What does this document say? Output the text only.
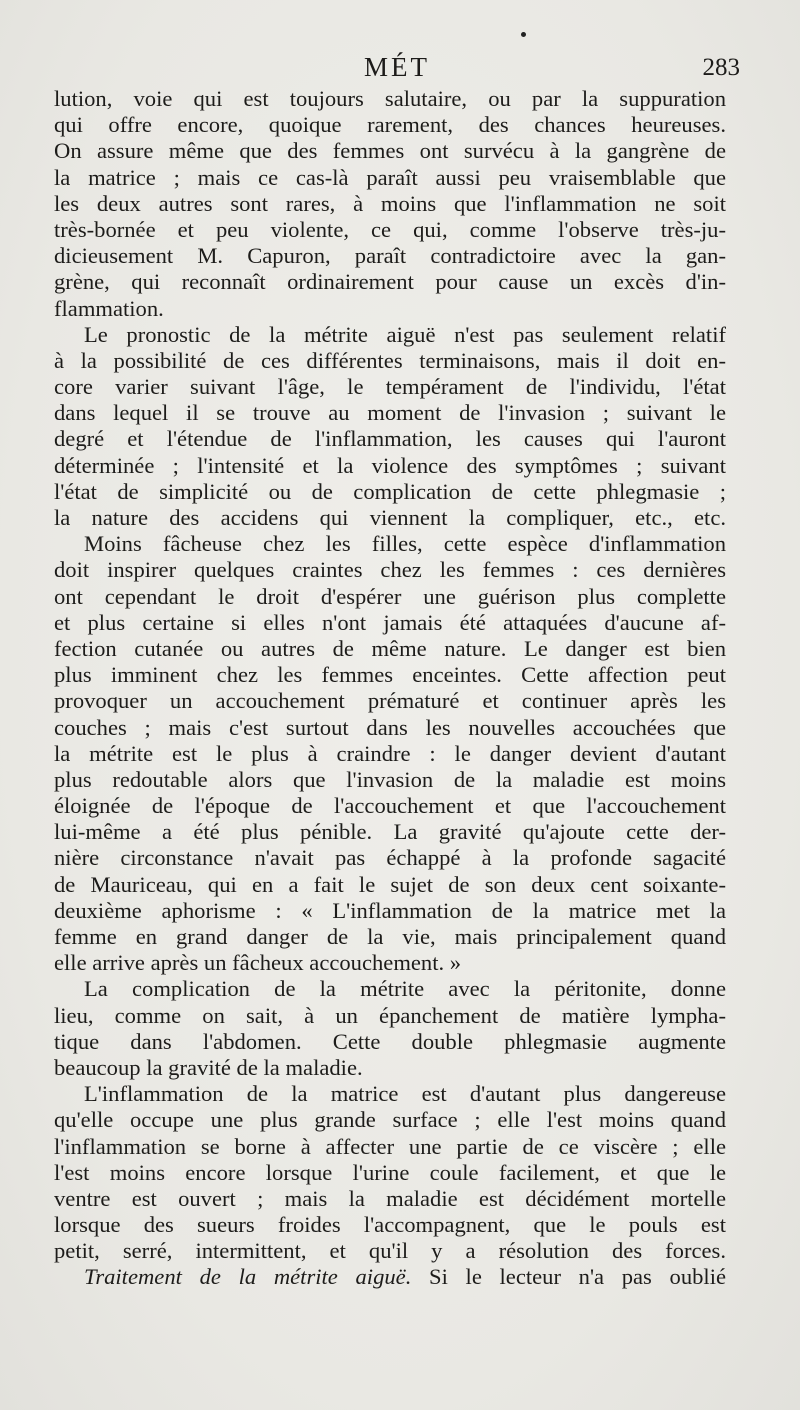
MÉT	283
lution, voie qui est toujours salutaire, ou par la suppuration
qui offre encore, quoique rarement, des chances heureuses.
On assure même que des femmes ont survécu à la gangrène de
la matrice ; mais ce cas-là paraît aussi peu vraisemblable que
les deux autres sont rares, à moins que l'inflammation ne soit
très-bornée et peu violente, ce qui, comme l'observe très-ju-
dicieusement M. Capuron, paraît contradictoire avec la gan-
grène, qui reconnaît ordinairement pour cause un excès d'in-
flammation.
Le pronostic de la métrite aiguë n'est pas seulement relatif
à la possibilité de ces différentes terminaisons, mais il doit en-
core varier suivant l'âge, le tempérament de l'individu, l'état
dans lequel il se trouve au moment de l'invasion ; suivant le
degré et l'étendue de l'inflammation, les causes qui l'auront
déterminée ; l'intensité et la violence des symptômes ; suivant
l'état de simplicité ou de complication de cette phlegmasie ;
la nature des accidens qui viennent la compliquer, etc., etc.
Moins fâcheuse chez les filles, cette espèce d'inflammation
doit inspirer quelques craintes chez les femmes : ces dernières
ont cependant le droit d'espérer une guérison plus complette
et plus certaine si elles n'ont jamais été attaquées d'aucune af-
fection cutanée ou autres de même nature. Le danger est bien
plus imminent chez les femmes enceintes. Cette affection peut
provoquer un accouchement prématuré et continuer après les
couches ; mais c'est surtout dans les nouvelles accouchées que
la métrite est le plus à craindre : le danger devient d'autant
plus redoutable alors que l'invasion de la maladie est moins
éloignée de l'époque de l'accouchement et que l'accouchement
lui-même a été plus pénible. La gravité qu'ajoute cette der-
nière circonstance n'avait pas échappé à la profonde sagacité
de Mauriceau, qui en a fait le sujet de son deux cent soixante-
deuxième aphorisme : « L'inflammation de la matrice met la
femme en grand danger de la vie, mais principalement quand
elle arrive après un fâcheux accouchement. »
La complication de la métrite avec la péritonite, donne
lieu, comme on sait, à un épanchement de matière lympha-
tique dans l'abdomen. Cette double phlegmasie augmente
beaucoup la gravité de la maladie.
L'inflammation de la matrice est d'autant plus dangereuse
qu'elle occupe une plus grande surface ; elle l'est moins quand
l'inflammation se borne à affecter une partie de ce viscère ; elle
l'est moins encore lorsque l'urine coule facilement, et que le
ventre est ouvert ; mais la maladie est décidément mortelle
lorsque des sueurs froides l'accompagnent, que le pouls est
petit, serré, intermittent, et qu'il y a résolution des forces.
Traitement de la métrite aiguë. Si le lecteur n'a pas oublié
